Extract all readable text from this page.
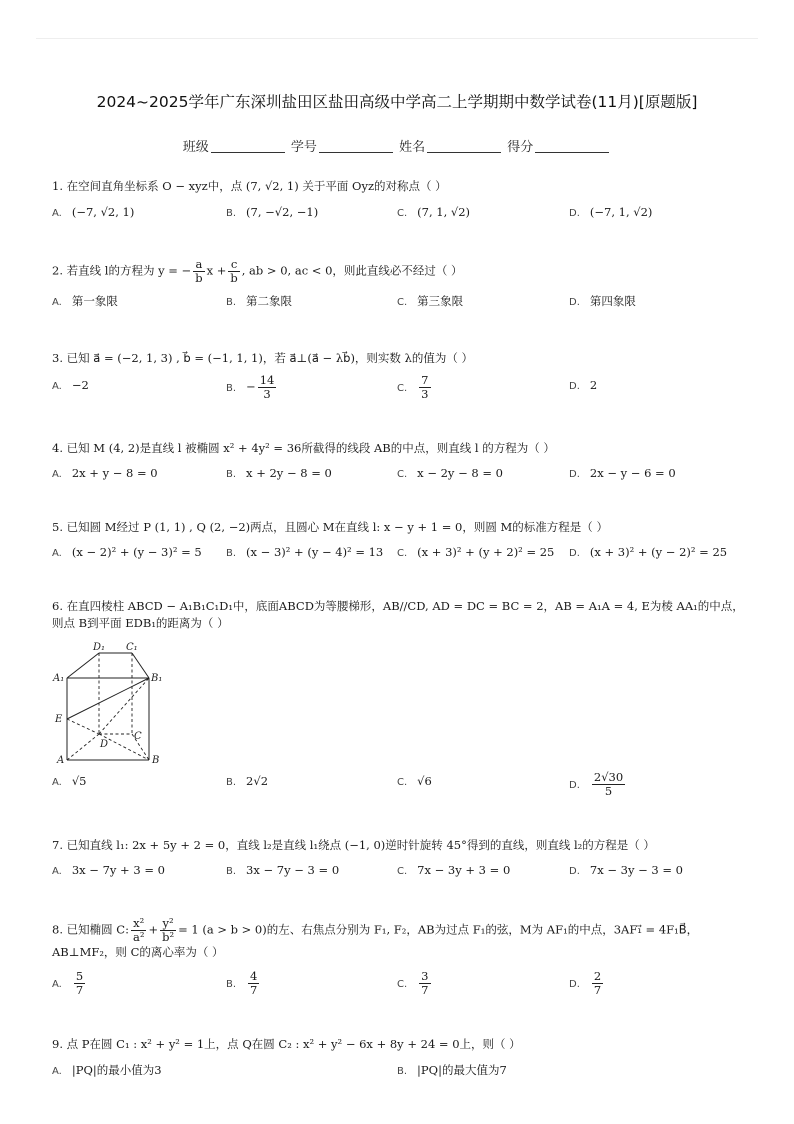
2024~2025学年广东深圳盐田区盐田高级中学高二上学期期中数学试卷(11月)[原题版]
班级	学号	姓名	得分
1. 在空间直角坐标系 O − xyz中，点 (7, √2, 1) 关于平面 Oyz的对称点（ ）
A. (−7, √2, 1)	B. (7, −√2, −1)	C. (7, 1, √2)	D. (−7, 1, √2)
2. 若直线 l的方程为 y = − $\frac{a}{b}$ $x + \frac{c}{b}$ , ab > 0, ac < 0，则此直线必不经过（ ）
A. 第一象限	B. 第二象限	C. 第三象限	D. 第四象限
3. 已知 a⃗ = (−2, 1, 3) , b⃗ = (−1, 1, 1)，若 a⃗⊥(a⃗ − λb⃗)，则实数 λ的值为（ ）
A. −2	B. − $\frac{14}{3}$	C. $\frac{7}{3}$	D. 2
4. 已知 M (4, 2)是直线 l 被椭圆 x² + 4y² = 36所截得的线段 AB的中点，则直线 l 的方程为（ ）
A. 2x + y − 8 = 0	B. x + 2y − 8 = 0	C. x − 2y − 8 = 0	D. 2x − y − 6 = 0
5. 已知圆 M经过 P (1, 1) , Q (2, −2)两点，且圆心 M在直线 l: x − y + 1 = 0，则圆 M的标准方程是（ ）
A. (x − 2)² + (y − 3)² = 5 B. (x − 3)² + (y − 4)² = 13 C. (x + 3)² + (y + 2)² = 25 D. (x + 3)² + (y − 2)² = 25
6. 在直四棱柱 ABCD − A₁B₁C₁D₁中，底面ABCD为等腰梯形，AB//CD, AD = DC = BC = 2，AB = A₁A = 4, E为棱 AA₁的中点，则点 B到平面 EDB₁的距离为（ ）
D₁ C₁
A₁	B₁
E
D
C
A	B
A. √5	B. 2√2	C. √6	D. $\frac{2√30}{5}$
7. 已知直线 l₁: 2x + 5y + 2 = 0，直线 l₂是直线 l₁绕点 (−1, 0)逆时针旋转 45°得到的直线，则直线 l₂的方程是（ ）
A. 3x − 7y + 3 = 0	B. 3x − 7y − 3 = 0	C. 7x − 3y + 3 = 0	D. 7x − 3y − 3 = 0
8. 已知椭圆 C: $\frac{\text{x²}}{\text{a²}} + \frac{\text{y²}}{\text{b²}} = 1$ (a > b > 0)的左、右焦点分别为 F₁, F₂，AB为过点 F₁的弦，M为 AF₁的中点，3AF₁⃗ = 4F₁B⃗，
AB⊥MF₂，则 C的离心率为（ ）
A. $\frac{5}{7}$	B. $\frac{4}{7}$	C. $\frac{3}{7}$	D. $\frac{2}{7}$
9. 点 P在圆 C₁ : x² + y² = 1上，点 Q在圆 C₂ : x² + y² − 6x + 8y + 24 = 0上，则（ ）
A. |PQ|的最小值为3	B. |PQ|的最大值为7
